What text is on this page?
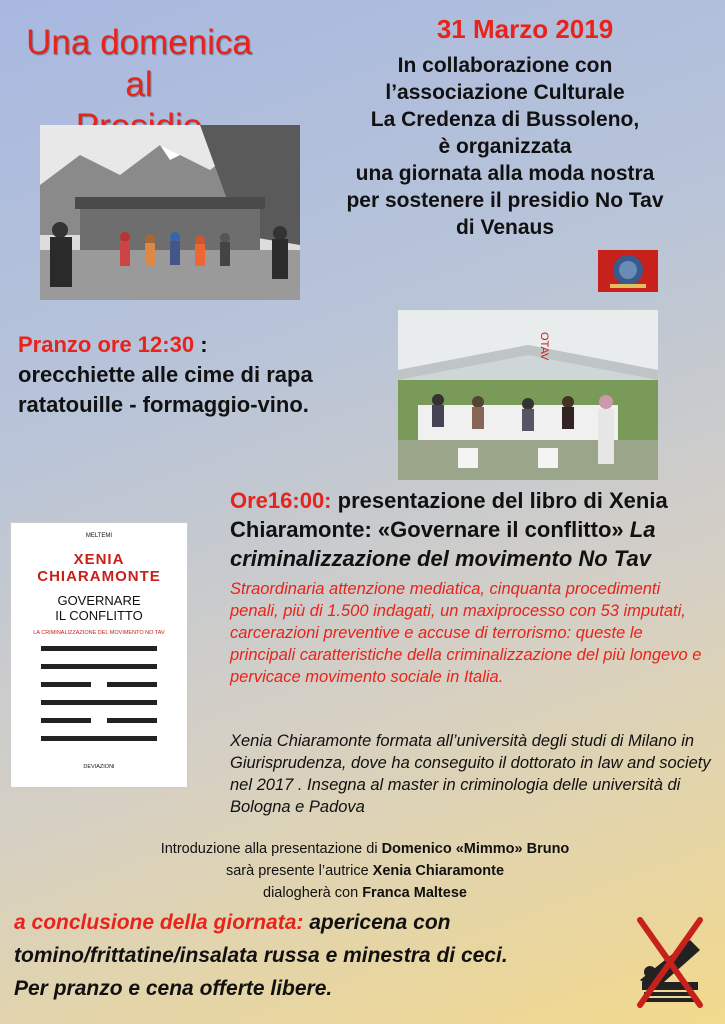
Una domenica al
31 Marzo 2019
In collaborazione con
l’associazione Culturale
La Credenza di Bussoleno,
è organizzata
una giornata alla moda nostra
per sostenere il presidio No Tav
di Venaus
Pranzo ore 12:30 :
orecchiette alle cime di rapa
ratatouille - formaggio-vino.
OTAV
Ore16:00: presentazione del libro di Xenia
Chiaramonte: «Governare il conflitto» La
criminalizzazione del movimento No Tav
MELTEMI
XENIA
CHIARAMONTE
GOVERNARE
IL CONFLITTO
LA CRIMINALIZZAZIONE DEL MOVIMENTO NO TAV
DEVIAZIONI
Straordinaria attenzione mediatica, cinquanta procedimenti penali, più di 1.500 indagati, un maxiprocesso con 53 imputati, carcerazioni preventive e accuse di terrorismo: queste le principali caratteristiche della criminalizzazione del più longevo e pervicace movimento sociale in Italia.
Xenia Chiaramonte formata all’università degli studi di Milano in Giurisprudenza, dove ha conseguito il dottorato in law and society nel 2017 . Insegna al master in criminologia delle università di Bologna e Padova
Introduzione alla presentazione di Domenico «Mimmo» Bruno
sarà presente l’autrice Xenia Chiaramonte
dialogherà con Franca Maltese
a conclusione della giornata: apericena con
tomino/frittatine/insalata russa e minestra di ceci.
Per pranzo e cena offerte libere.
